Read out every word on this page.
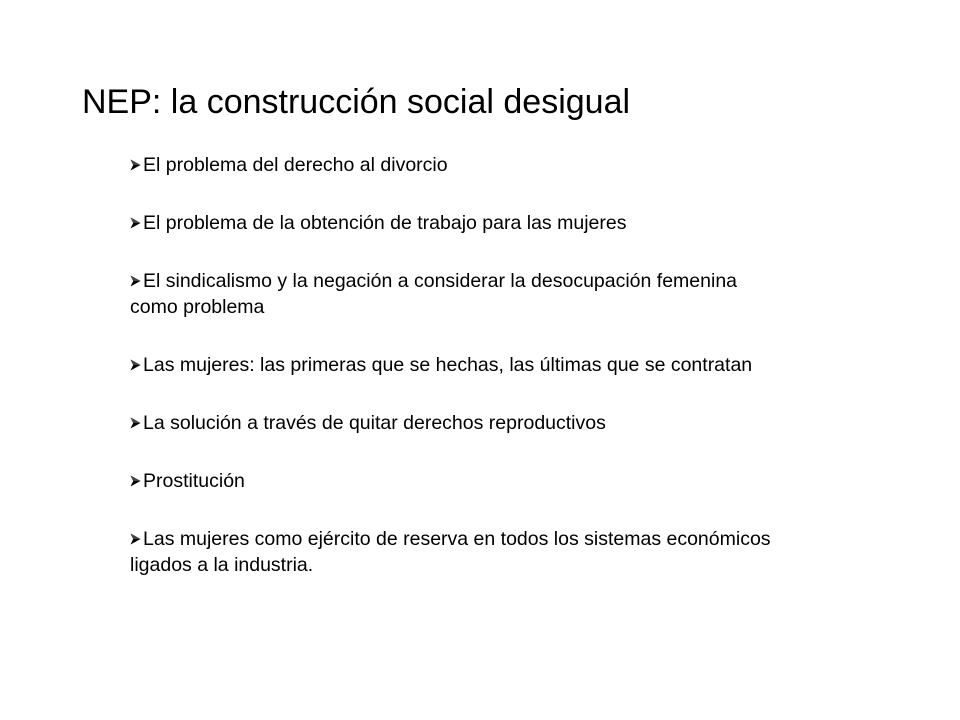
NEP: la construcción social desigual
El problema del derecho al divorcio
El problema de la obtención de trabajo para las mujeres
El sindicalismo y la negación a considerar la desocupación femenina
como problema
Las mujeres: las primeras que se hechas, las últimas que se contratan
La solución a través de quitar derechos reproductivos
Prostitución
Las mujeres como ejército de reserva en todos los sistemas económicos
ligados a la industria.
